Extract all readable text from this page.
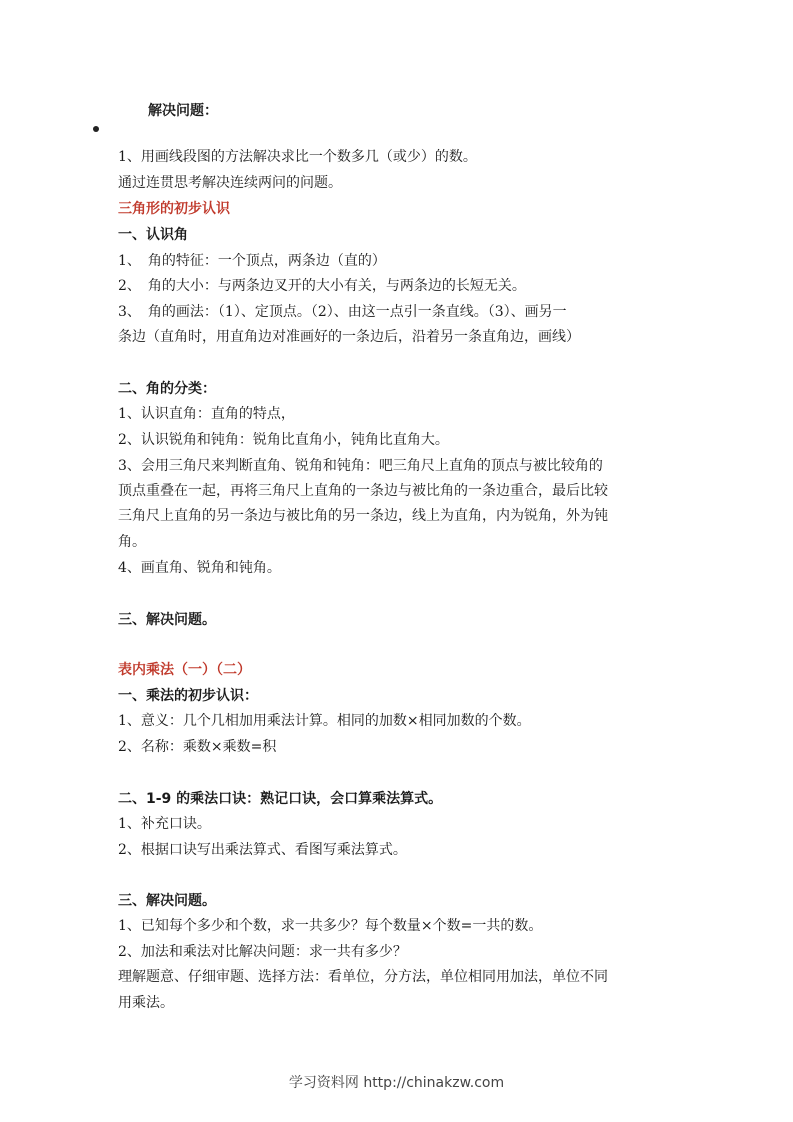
解决问题：
1、用画线段图的方法解决求比一个数多几（或少）的数。
通过连贯思考解决连续两问的问题。
三角形的初步认识
一、认识角
1、　角的特征：一个顶点，两条边（直的）
2、　角的大小：与两条边叉开的大小有关，与两条边的长短无关。
3、　角的画法：（1）、定顶点。（2）、由这一点引一条直线。（3）、画另一
条边（直角时，用直角边对准画好的一条边后，沿着另一条直角边，画线）
二、角的分类：
1、认识直角：直角的特点，
2、认识锐角和钝角：锐角比直角小，钝角比直角大。
3、会用三角尺来判断直角、锐角和钝角：吧三角尺上直角的顶点与被比较角的
顶点重叠在一起，再将三角尺上直角的一条边与被比角的一条边重合，最后比较
三角尺上直角的另一条边与被比角的另一条边，线上为直角，内为锐角，外为钝
角。
4、画直角、锐角和钝角。
三、解决问题。
表内乘法（一）（二）
一、乘法的初步认识：
1、意义：几个几相加用乘法计算。相同的加数×相同加数的个数。
2、名称：乘数×乘数=积
二、1-9 的乘法口诀：熟记口诀，会口算乘法算式。
1、补充口诀。
2、根据口诀写出乘法算式、看图写乘法算式。
三、解决问题。
1、已知每个多少和个数，求一共多少？每个数量×个数=一共的数。
2、加法和乘法对比解决问题：求一共有多少？
理解题意、仔细审题、选择方法：看单位，分方法，单位相同用加法，单位不同
用乘法。
学习资料网 http://chinakzw.com
